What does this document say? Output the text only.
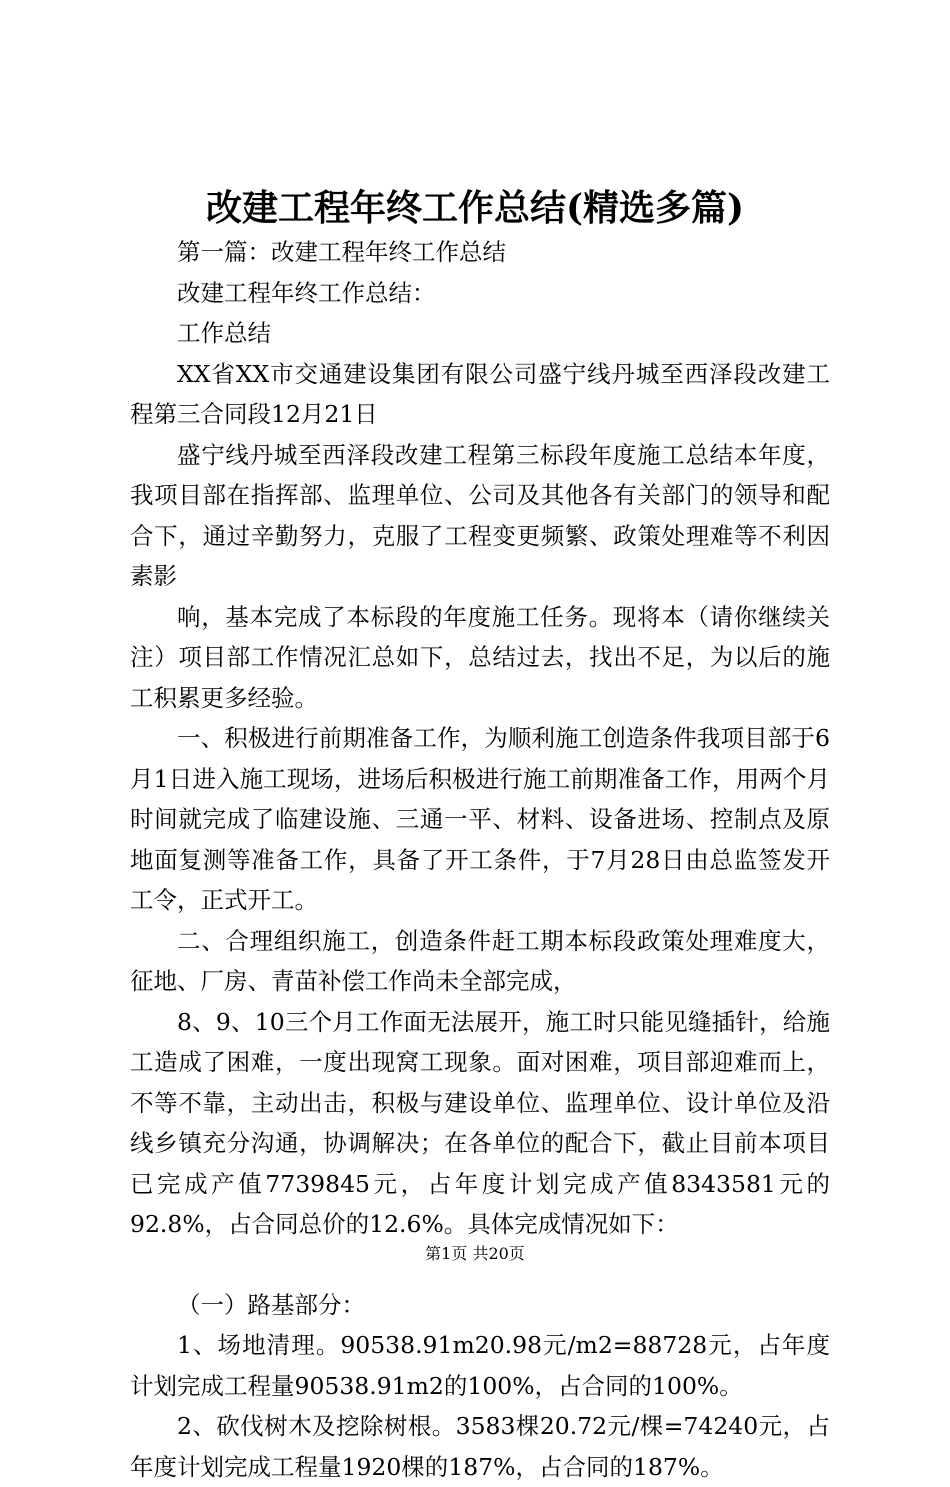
改建工程年终工作总结(精选多篇)

第一篇：改建工程年终工作总结

改建工程年终工作总结：

工作总结

XX省XX市交通建设集团有限公司盛宁线丹城至西泽段改建工程第三合同段12月21日

盛宁线丹城至西泽段改建工程第三标段年度施工总结本年度，我项目部在指挥部、监理单位、公司及其他各有关部门的领导和配合下，通过辛勤努力，克服了工程变更频繁、政策处理难等不利因素影

响，基本完成了本标段的年度施工任务。现将本（请你继续关注）项目部工作情况汇总如下，总结过去，找出不足，为以后的施工积累更多经验。

一、积极进行前期准备工作，为顺利施工创造条件我项目部于6月1日进入施工现场，进场后积极进行施工前期准备工作，用两个月时间就完成了临建设施、三通一平、材料、设备进场、控制点及原地面复测等准备工作，具备了开工条件，于7月28日由总监签发开工令，正式开工。

二、合理组织施工，创造条件赶工期本标段政策处理难度大，征地、厂房、青苗补偿工作尚未全部完成，

8、9、10三个月工作面无法展开，施工时只能见缝插针，给施工造成了困难，一度出现窝工现象。面对困难，项目部迎难而上，不等不靠，主动出击，积极与建设单位、监理单位、设计单位及沿线乡镇充分沟通，协调解决；在各单位的配合下，截止目前本项目已完成产值7739845元，占年度计划完成产值8343581元的92.8%，占合同总价的12.6%。具体完成情况如下：

（一）路基部分：

1、场地清理。90538.91m20.98元/m2=88728元，占年度计划完成工程量90538.91m2的100%，占合同的100%。

2、砍伐树木及挖除树根。3583棵20.72元/棵=74240元，占年度计划完成工程量1920棵的187%，占合同的187%。

第1页 共20页
